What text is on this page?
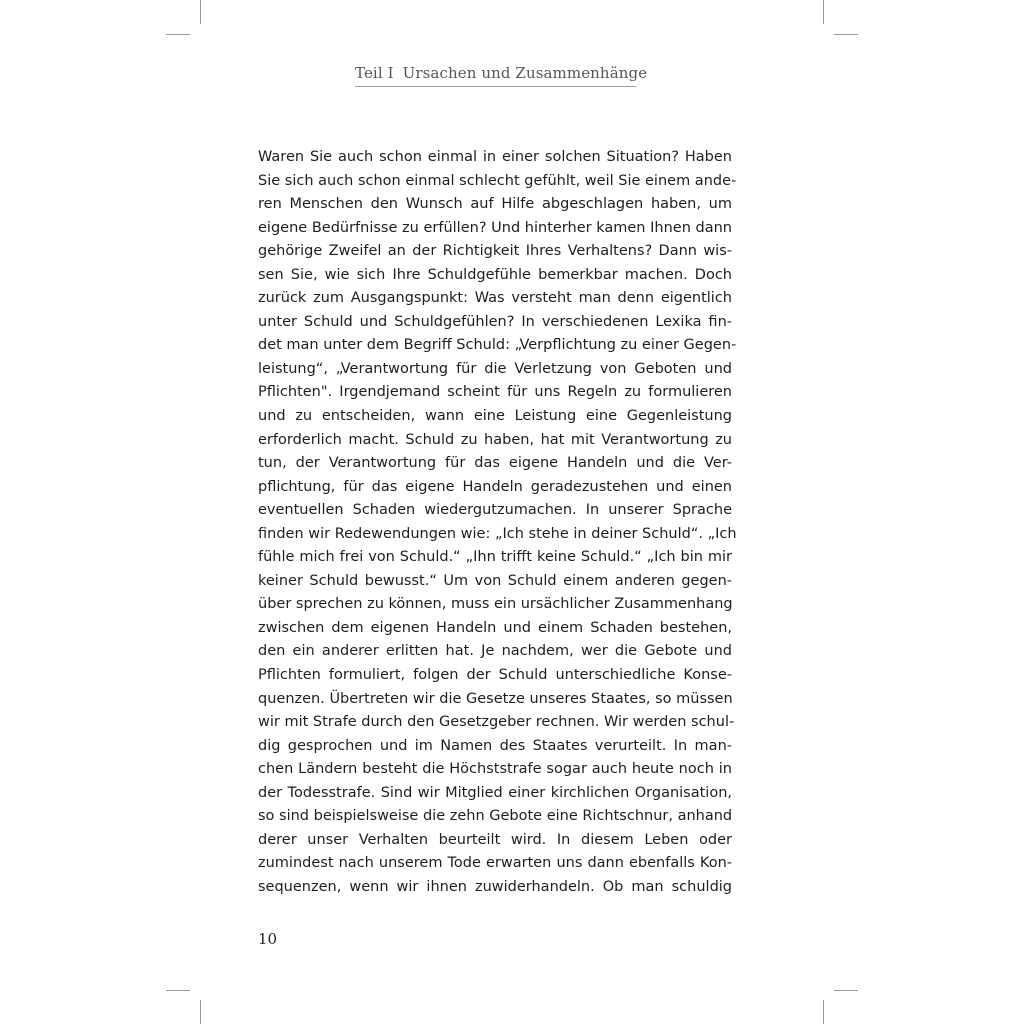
Teil I Ursachen und Zusammenhänge
Waren Sie auch schon einmal in einer solchen Situation? Haben
Sie sich auch schon einmal schlecht gefühlt, weil Sie einem ande-
ren Menschen den Wunsch auf Hilfe abgeschlagen haben, um
eigene Bedürfnisse zu erfüllen? Und hinterher kamen Ihnen dann
gehörige Zweifel an der Richtigkeit Ihres Verhaltens? Dann wis-
sen Sie, wie sich Ihre Schuldgefühle bemerkbar machen. Doch
zurück zum Ausgangspunkt: Was versteht man denn eigentlich
unter Schuld und Schuldgefühlen? In verschiedenen Lexika fin-
det man unter dem Begriff Schuld: „Verpflichtung zu einer Gegen-
leistung“, „Verantwortung für die Verletzung von Geboten und
Pflichten". Irgendjemand scheint für uns Regeln zu formulieren
und zu entscheiden, wann eine Leistung eine Gegenleistung
erforderlich macht. Schuld zu haben, hat mit Verantwortung zu
tun, der Verantwortung für das eigene Handeln und die Ver-
pflichtung, für das eigene Handeln geradezustehen und einen
eventuellen Schaden wiedergutzumachen. In unserer Sprache
finden wir Redewendungen wie: „Ich stehe in deiner Schuld“. „Ich
fühle mich frei von Schuld.“ „Ihn trifft keine Schuld.“ „Ich bin mir
keiner Schuld bewusst.“ Um von Schuld einem anderen gegen-
über sprechen zu können, muss ein ursächlicher Zusammenhang
zwischen dem eigenen Handeln und einem Schaden bestehen,
den ein anderer erlitten hat. Je nachdem, wer die Gebote und
Pflichten formuliert, folgen der Schuld unterschiedliche Konse-
quenzen. Übertreten wir die Gesetze unseres Staates, so müssen
wir mit Strafe durch den Gesetzgeber rechnen. Wir werden schul-
dig gesprochen und im Namen des Staates verurteilt. In man-
chen Ländern besteht die Höchststrafe sogar auch heute noch in
der Todesstrafe. Sind wir Mitglied einer kirchlichen Organisation,
so sind beispielsweise die zehn Gebote eine Richtschnur, anhand
derer unser Verhalten beurteilt wird. In diesem Leben oder
zumindest nach unserem Tode erwarten uns dann ebenfalls Kon-
sequenzen, wenn wir ihnen zuwiderhandeln. Ob man schuldig
10
